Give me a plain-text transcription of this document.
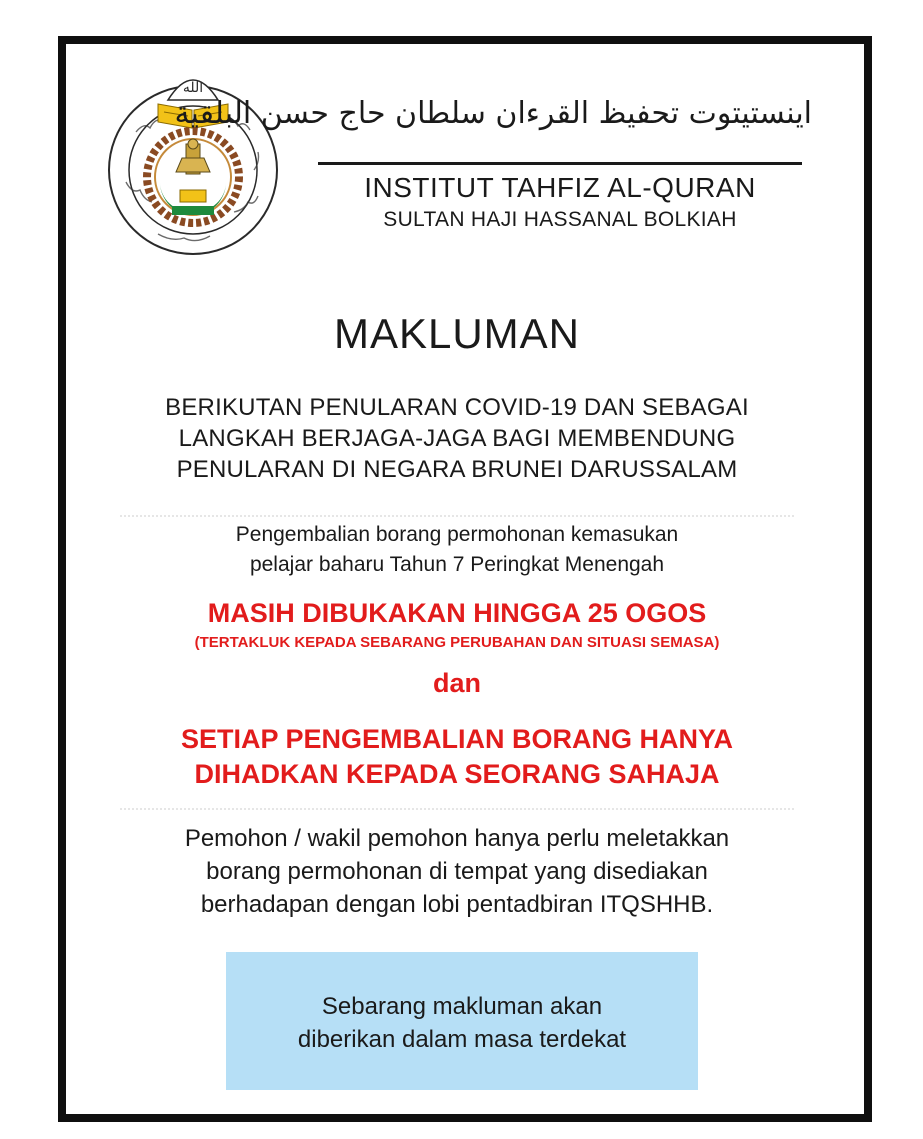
الله
اينستيتوت تحفيظ القرءان سلطان حاج حسن البلقية
INSTITUT TAHFIZ AL-QURAN
SULTAN HAJI HASSANAL BOLKIAH
MAKLUMAN
BERIKUTAN PENULARAN COVID-19 DAN SEBAGAI
LANGKAH BERJAGA-JAGA BAGI MEMBENDUNG
PENULARAN DI NEGARA BRUNEI DARUSSALAM
Pengembalian borang permohonan kemasukan
pelajar baharu Tahun 7 Peringkat Menengah
MASIH DIBUKAKAN HINGGA 25 OGOS
(TERTAKLUK KEPADA SEBARANG PERUBAHAN DAN SITUASI SEMASA)
dan
SETIAP PENGEMBALIAN BORANG HANYA
DIHADKAN KEPADA SEORANG SAHAJA
Pemohon / wakil pemohon hanya perlu meletakkan
borang permohonan di tempat yang disediakan
berhadapan dengan lobi pentadbiran ITQSHHB.
Sebarang makluman akan
diberikan dalam masa terdekat
